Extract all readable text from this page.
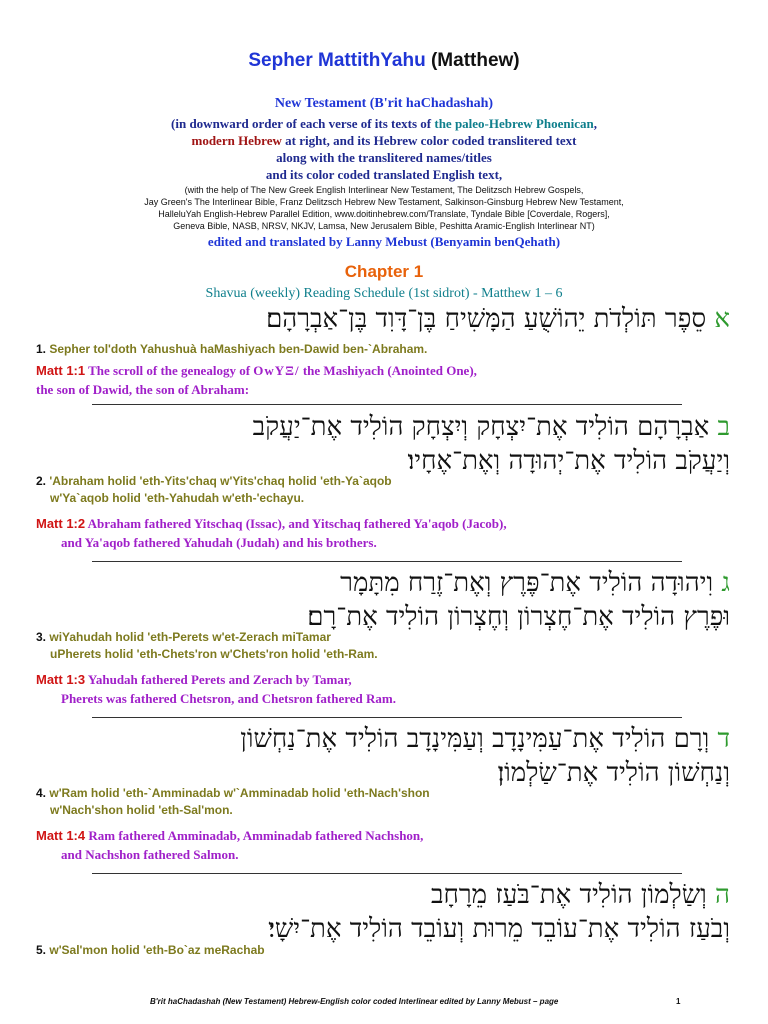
Sepher MattithYahu (Matthew)
New Testament (B'rit haChadashah)
(in downward order of each verse of its texts of the paleo-Hebrew Phoenican,
modern Hebrew at right, and its Hebrew color coded translitered text
along with the translitered names/titles
and its color coded translated English text,
(with the help of The New Greek English Interlinear New Testament, The Delitzsch Hebrew Gospels,
Jay Green's The Interlinear Bible, Franz Delitzsch Hebrew New Testament, Salkinson-Ginsburg Hebrew New Testament,
HalleluYah English-Hebrew Parallel Edition, www.doitinhebrew.com/Translate, Tyndale Bible [Coverdale, Rogers],
Geneva Bible, NASB, NRSV, NKJV, Lamsa, New Jerusalem Bible, Peshitta Aramic-English Interlinear NT)
edited and translated by Lanny Mebust (Benyamin benQehath)
Chapter 1
Shavua (weekly) Reading Schedule (1st sidrot) - Matthew 1 – 6
א סֵפֶר תּוֹלְדֹת יֵהוֹשֻׁעַ הַמָּשִׁיחַ בֶּן־דָּוִד בֶּן־אַבְרָהָם׃
1. Sepher tol'doth Yahushuà haMashiyach ben-Dawid ben-`Abraham.
Matt 1:1 The scroll of the genealogy of ΟwΥΞ/ the Mashiyach (Anointed One),
the son of Dawid, the son of Abraham:
ב אַבְרָהָם הוֹלִיד אֶת־יִצְחָק וְיִצְחָק הוֹלִיד אֶת־יַעֲקֹב
וְיַעֲקֹב הוֹלִיד אֶת־יְהוּדָה וְאֶת־אֶחָיו׃
2. 'Abraham holid 'eth-Yits'chaq w'Yits'chaq holid 'eth-Ya`aqob
w'Ya`aqob holid 'eth-Yahudah w'eth-'echayu.
Matt 1:2 Abraham fathered Yitschaq (Issac), and Yitschaq fathered Ya'aqob (Jacob),
and Ya'aqob fathered Yahudah (Judah) and his brothers.
ג וִיהוּדָה הוֹלִיד אֶת־פֶּרֶץ וְאֶת־זֶרַח מִתָּמָר
וּפֶרֶץ הוֹלִיד אֶת־חֶצְרוֹן וְחֶצְרוֹן הוֹלִיד אֶת־רָם׃
3. wiYahudah holid 'eth-Perets w'et-Zerach miTamar
uPherets holid 'eth-Chets'ron w'Chets'ron holid 'eth-Ram.
Matt 1:3 Yahudah fathered Perets and Zerach by Tamar,
Pherets was fathered Chetsron, and Chetsron fathered Ram.
ד וְרָם הוֹלִיד אֶת־עַמִּינָדָב וְעַמִּינָדָב הוֹלִיד אֶת־נַחְשׁוֹן
וְנַחְשׁוֹן הוֹלִיד אֶת־שַׂלְמוֹן׃
4. w'Ram holid 'eth-`Amminadab w'`Amminadab holid 'eth-Nach'shon
w'Nach'shon holid 'eth-Sal'mon.
Matt 1:4 Ram fathered Amminadab, Amminadab fathered Nachshon,
and Nachshon fathered Salmon.
ה וְשַׂלְמוֹן הוֹלִיד אֶת־בֹּעַז מֵרָחָב
וְבֹעַז הוֹלִיד אֶת־עוֹבֵד מֵרוּת וְעוֹבֵד הוֹלִיד אֶת־יִשָׁי׃
5. w'Sal'mon holid 'eth-Bo`az meRachab
B'rit haChadashah (New Testament) Hebrew-English color coded Interlinear edited by Lanny Mebust – page	1
